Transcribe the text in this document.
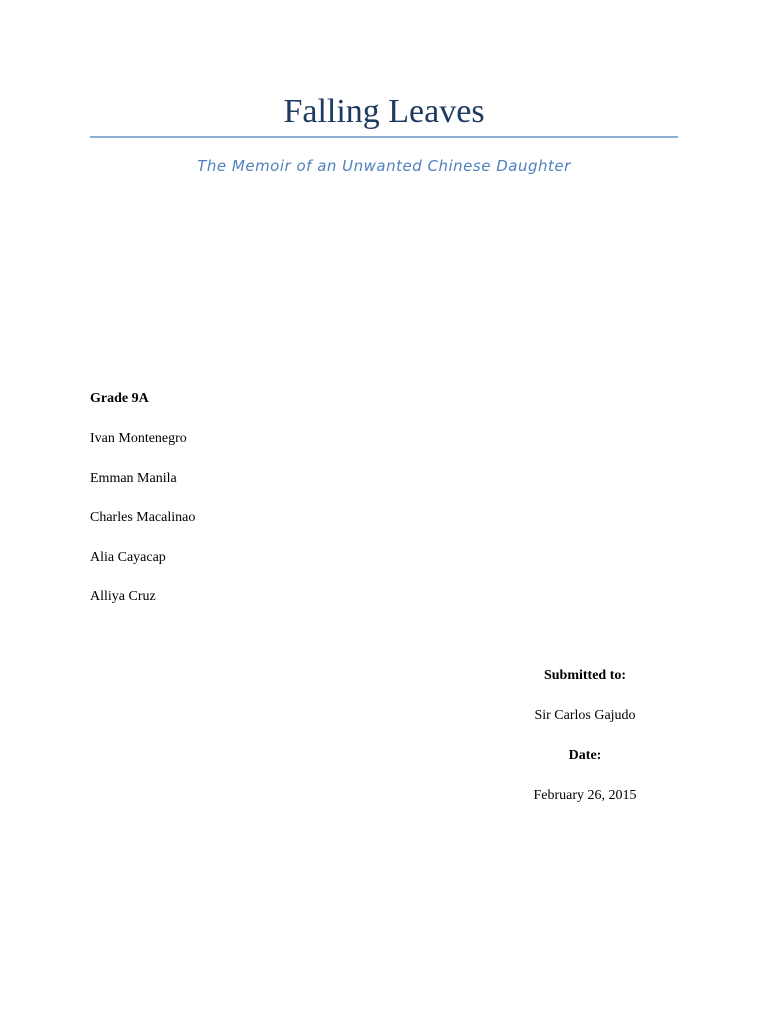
Falling Leaves
The Memoir of an Unwanted Chinese Daughter
Grade 9A
Ivan Montenegro
Emman Manila
Charles Macalinao
Alia Cayacap
Alliya Cruz
Submitted to:
Sir Carlos Gajudo
Date:
February 26, 2015
